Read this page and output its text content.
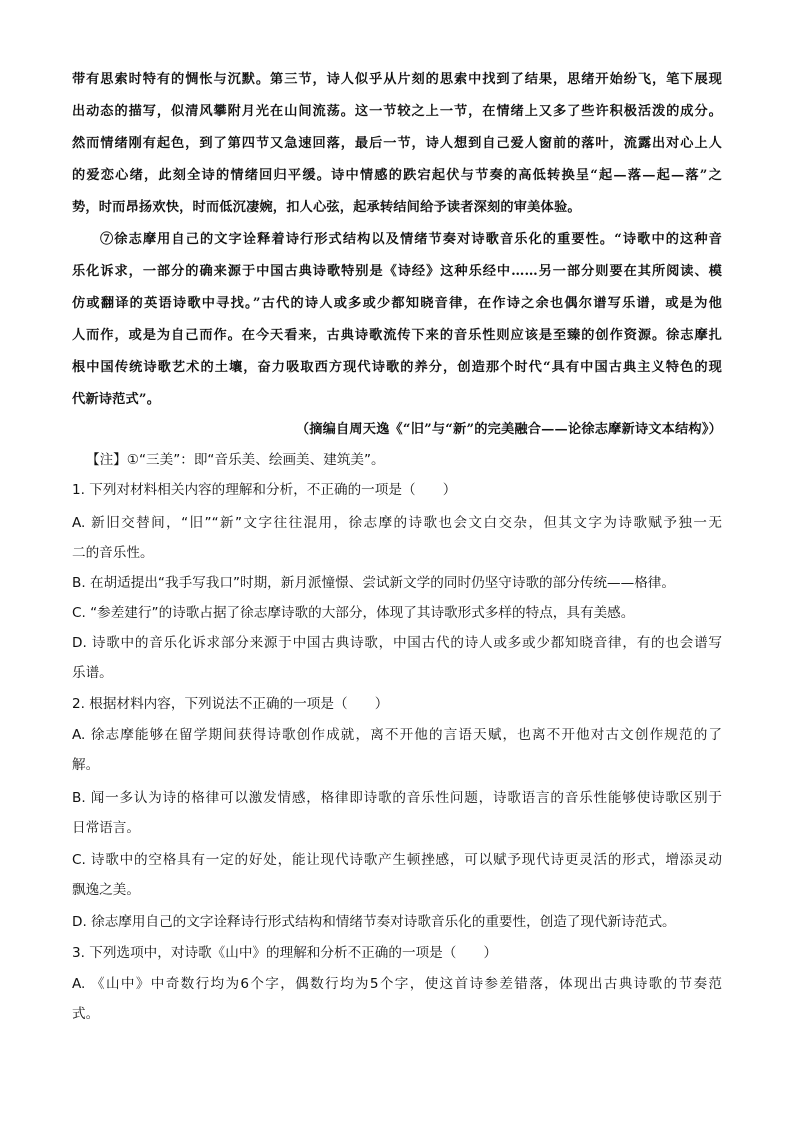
带有思索时特有的惆怅与沉默。第三节，诗人似乎从片刻的思索中找到了结果，思绪开始纷飞，笔下展现
出动态的描写，似清风攀附月光在山间流荡。这一节较之上一节，在情绪上又多了些许积极活泼的成分。
然而情绪刚有起色，到了第四节又急速回落，最后一节，诗人想到自己爱人窗前的落叶，流露出对心上人
的爱恋心绪，此刻全诗的情绪回归平缓。诗中情感的跌宕起伏与节奏的高低转换呈“起—落—起—落”之
势，时而昂扬欢快，时而低沉凄婉，扣人心弦，起承转结间给予读者深刻的审美体验。
⑦徐志摩用自己的文字诠释着诗行形式结构以及情绪节奏对诗歌音乐化的重要性。“诗歌中的这种音
乐化诉求，一部分的确来源于中国古典诗歌特别是《诗经》这种乐经中……另一部分则要在其所阅读、模
仿或翻译的英语诗歌中寻找。”古代的诗人或多或少都知晓音律，在作诗之余也偶尔谱写乐谱，或是为他
人而作，或是为自己而作。在今天看来，古典诗歌流传下来的音乐性则应该是至臻的创作资源。徐志摩扎
根中国传统诗歌艺术的土壤，奋力吸取西方现代诗歌的养分，创造那个时代“具有中国古典主义特色的现
代新诗范式”。
（摘编自周天逸《“旧”与“新”的完美融合——论徐志摩新诗文本结构》）
【注】①“三美”：即“音乐美、绘画美、建筑美”。
1. 下列对材料相关内容的理解和分析，不正确的一项是（　　）
A. 新旧交替间，“旧”“新”文字往往混用，徐志摩的诗歌也会文白交杂，但其文字为诗歌赋予独一无
二的音乐性。
B. 在胡适提出“我手写我口”时期，新月派憧憬、尝试新文学的同时仍坚守诗歌的部分传统——格律。
C. “参差建行”的诗歌占据了徐志摩诗歌的大部分，体现了其诗歌形式多样的特点，具有美感。
D. 诗歌中的音乐化诉求部分来源于中国古典诗歌，中国古代的诗人或多或少都知晓音律，有的也会谱写
乐谱。
2. 根据材料内容，下列说法不正确的一项是（　　）
A. 徐志摩能够在留学期间获得诗歌创作成就，离不开他的言语天赋，也离不开他对古文创作规范的了
解。
B. 闻一多认为诗的格律可以激发情感，格律即诗歌的音乐性问题，诗歌语言的音乐性能够使诗歌区别于
日常语言。
C. 诗歌中的空格具有一定的好处，能让现代诗歌产生顿挫感，可以赋予现代诗更灵活的形式，增添灵动
飘逸之美。
D. 徐志摩用自己的文字诠释诗行形式结构和情绪节奏对诗歌音乐化的重要性，创造了现代新诗范式。
3. 下列选项中，对诗歌《山中》的理解和分析不正确的一项是（　　）
A. 《山中》中奇数行均为6个字，偶数行均为5个字，使这首诗参差错落，体现出古典诗歌的节奏范
式。
